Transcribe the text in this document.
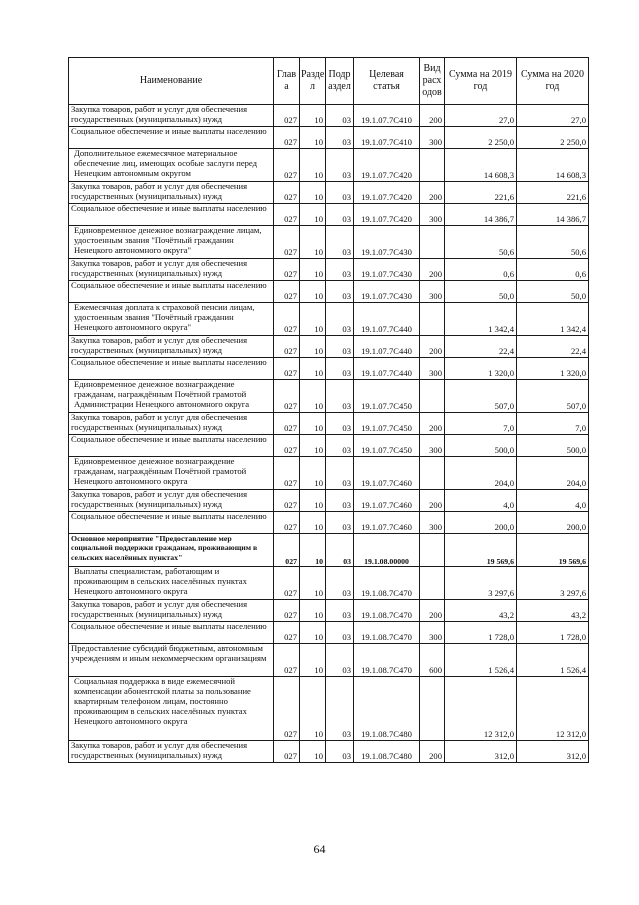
Наименование	Глав а	Разде л	Подр аздел	Целевая статья	Вид расх одов	Сумма на 2019 год	Сумма на 2020 год
Закупка товаров, работ и услуг для обеспечения государственных (муниципальных) нужд	027	10	03	19.1.07.7С410	200	27,0	27,0
Социальное обеспечение и иные выплаты населению	027	10	03	19.1.07.7С410	300	2 250,0	2 250,0
Дополнительное ежемесячное материальное обеспечение лиц, имеющих особые заслуги перед Ненецким автономным округом	027	10	03	19.1.07.7С420		14 608,3	14 608,3
Закупка товаров, работ и услуг для обеспечения государственных (муниципальных) нужд	027	10	03	19.1.07.7С420	200	221,6	221,6
Социальное обеспечение и иные выплаты населению	027	10	03	19.1.07.7С420	300	14 386,7	14 386,7
Единовременное денежное вознаграждение лицам, удостоенным звания "Почётный гражданин Ненецкого автономного округа"	027	10	03	19.1.07.7С430		50,6	50,6
Закупка товаров, работ и услуг для обеспечения государственных (муниципальных) нужд	027	10	03	19.1.07.7С430	200	0,6	0,6
Социальное обеспечение и иные выплаты населению	027	10	03	19.1.07.7С430	300	50,0	50,0
Ежемесячная доплата к страховой пенсии лицам, удостоенным звания "Почётный гражданин Ненецкого автономного округа"	027	10	03	19.1.07.7С440		1 342,4	1 342,4
Закупка товаров, работ и услуг для обеспечения государственных (муниципальных) нужд	027	10	03	19.1.07.7С440	200	22,4	22,4
Социальное обеспечение и иные выплаты населению	027	10	03	19.1.07.7С440	300	1 320,0	1 320,0
Единовременное денежное вознаграждение гражданам, награждённым Почётной грамотой Администрации Ненецкого автономного округа	027	10	03	19.1.07.7С450		507,0	507,0
Закупка товаров, работ и услуг для обеспечения государственных (муниципальных) нужд	027	10	03	19.1.07.7С450	200	7,0	7,0
Социальное обеспечение и иные выплаты населению	027	10	03	19.1.07.7С450	300	500,0	500,0
Единовременное денежное вознаграждение гражданам, награждённым Почётной грамотой Ненецкого автономного округа	027	10	03	19.1.07.7С460		204,0	204,0
Закупка товаров, работ и услуг для обеспечения государственных (муниципальных) нужд	027	10	03	19.1.07.7С460	200	4,0	4,0
Социальное обеспечение и иные выплаты населению	027	10	03	19.1.07.7С460	300	200,0	200,0
Основное мероприятие "Предоставление мер социальной поддержки гражданам, проживающим в сельских населённых пунктах"	027	10	03	19.1.08.00000		19 569,6	19 569,6
Выплаты специалистам, работающим и проживающим в сельских населённых пунктах Ненецкого автономного округа	027	10	03	19.1.08.7С470		3 297,6	3 297,6
Закупка товаров, работ и услуг для обеспечения государственных (муниципальных) нужд	027	10	03	19.1.08.7С470	200	43,2	43,2
Социальное обеспечение и иные выплаты населению	027	10	03	19.1.08.7С470	300	1 728,0	1 728,0
Предоставление субсидий бюджетным, автономным учреждениям и иным некоммерческим организациям	027	10	03	19.1.08.7С470	600	1 526,4	1 526,4
Социальная поддержка в виде ежемесячной компенсации абонентской платы за пользование квартирным телефоном лицам, постоянно проживающим в сельских населённых пунктах Ненецкого автономного округа	027	10	03	19.1.08.7С480		12 312,0	12 312,0
Закупка товаров, работ и услуг для обеспечения государственных (муниципальных) нужд	027	10	03	19.1.08.7С480	200	312,0	312,0
64
